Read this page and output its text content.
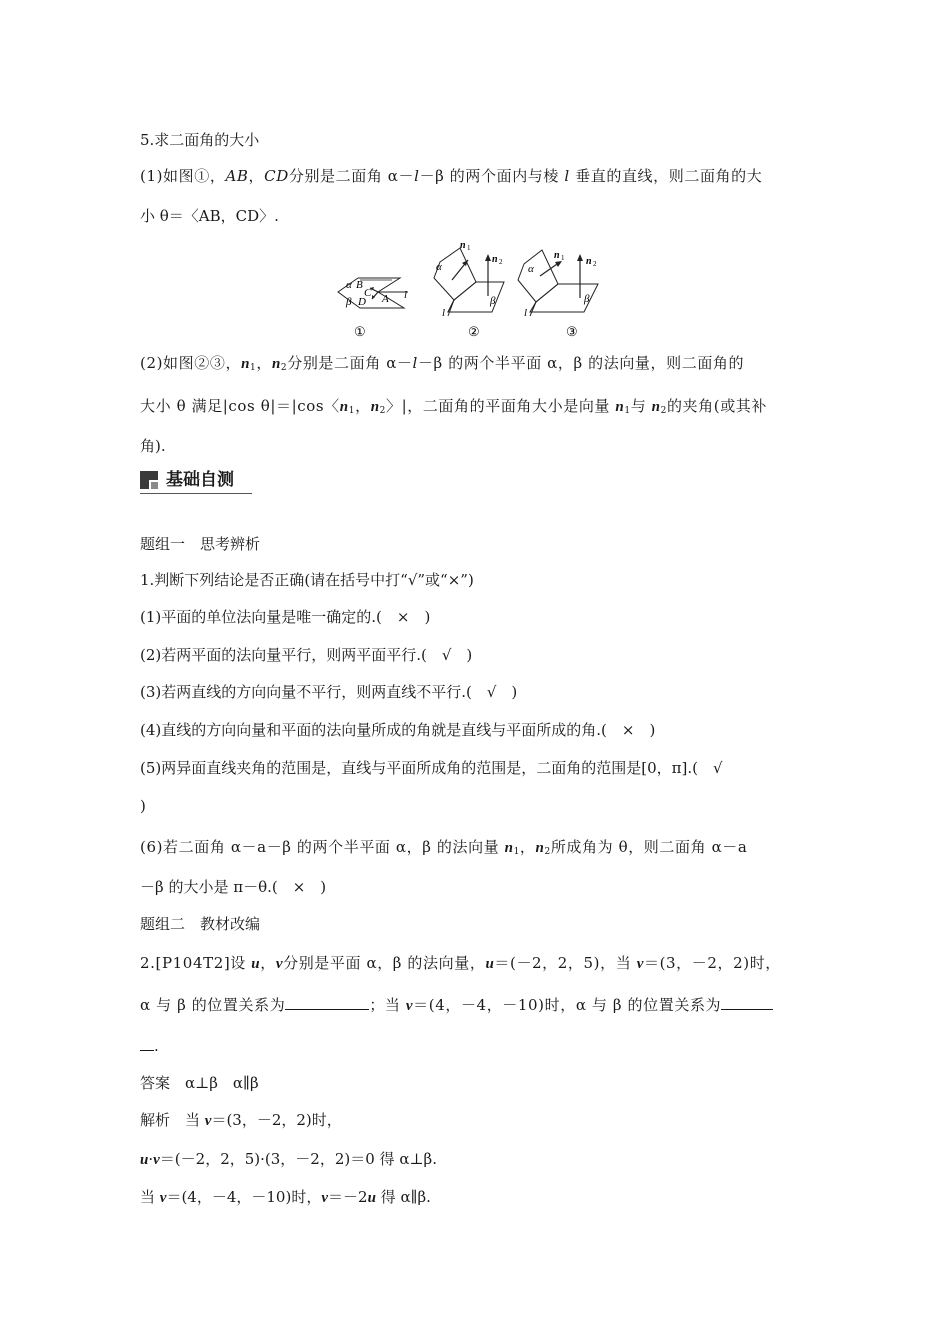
5.求二面角的大小
(1)如图①，AB，CD分别是二面角 α－l－β 的两个面内与棱 l 垂直的直线，则二面角的大
小 θ＝〈AB，CD〉.
α B
C
β D A l
①
n 1
n 2
α
β
l
②
α
n 1 n 2
β
l
③
(2)如图②③，$n_1$，$n_2$分别是二面角 α－l－β 的两个半平面 α，β 的法向量，则二面角的
大小 θ 满足|cos θ|＝|cos〈$n_1$，$n_2$〉|，二面角的平面角大小是向量 $n_1$与 $n_2$的夹角(或其补
角).
基础自测
题组一　思考辨析
1.判断下列结论是否正确(请在括号中打“√”或“×”)
(1)平面的单位法向量是唯一确定的.(　×　)
(2)若两平面的法向量平行，则两平面平行.(　√　)
(3)若两直线的方向向量不平行，则两直线不平行.(　√　)
(4)直线的方向向量和平面的法向量所成的角就是直线与平面所成的角.(　×　)
(5)两异面直线夹角的范围是，直线与平面所成角的范围是，二面角的范围是[0，π].(　√
)
(6)若二面角 α－a－β 的两个半平面 α，β 的法向量 $n_1$，$n_2$所成角为 θ，则二面角 α－a
－β 的大小是 π－θ.(　×　)
题组二　教材改编
2.[P104T2]设 u，v分别是平面 α，β 的法向量，u＝(－2，2，5)，当 v＝(3，－2，2)时，
α 与 β 的位置关系为	；当 v＝(4，－4，－10)时，α 与 β 的位置关系为
.
答案　α⊥β　α∥β
解析　当 v＝(3，－2，2)时，
u·v＝(－2，2，5)·(3，－2，2)＝0 得 α⊥β.
当 v＝(4，－4，－10)时，v＝－2u 得 α∥β.
